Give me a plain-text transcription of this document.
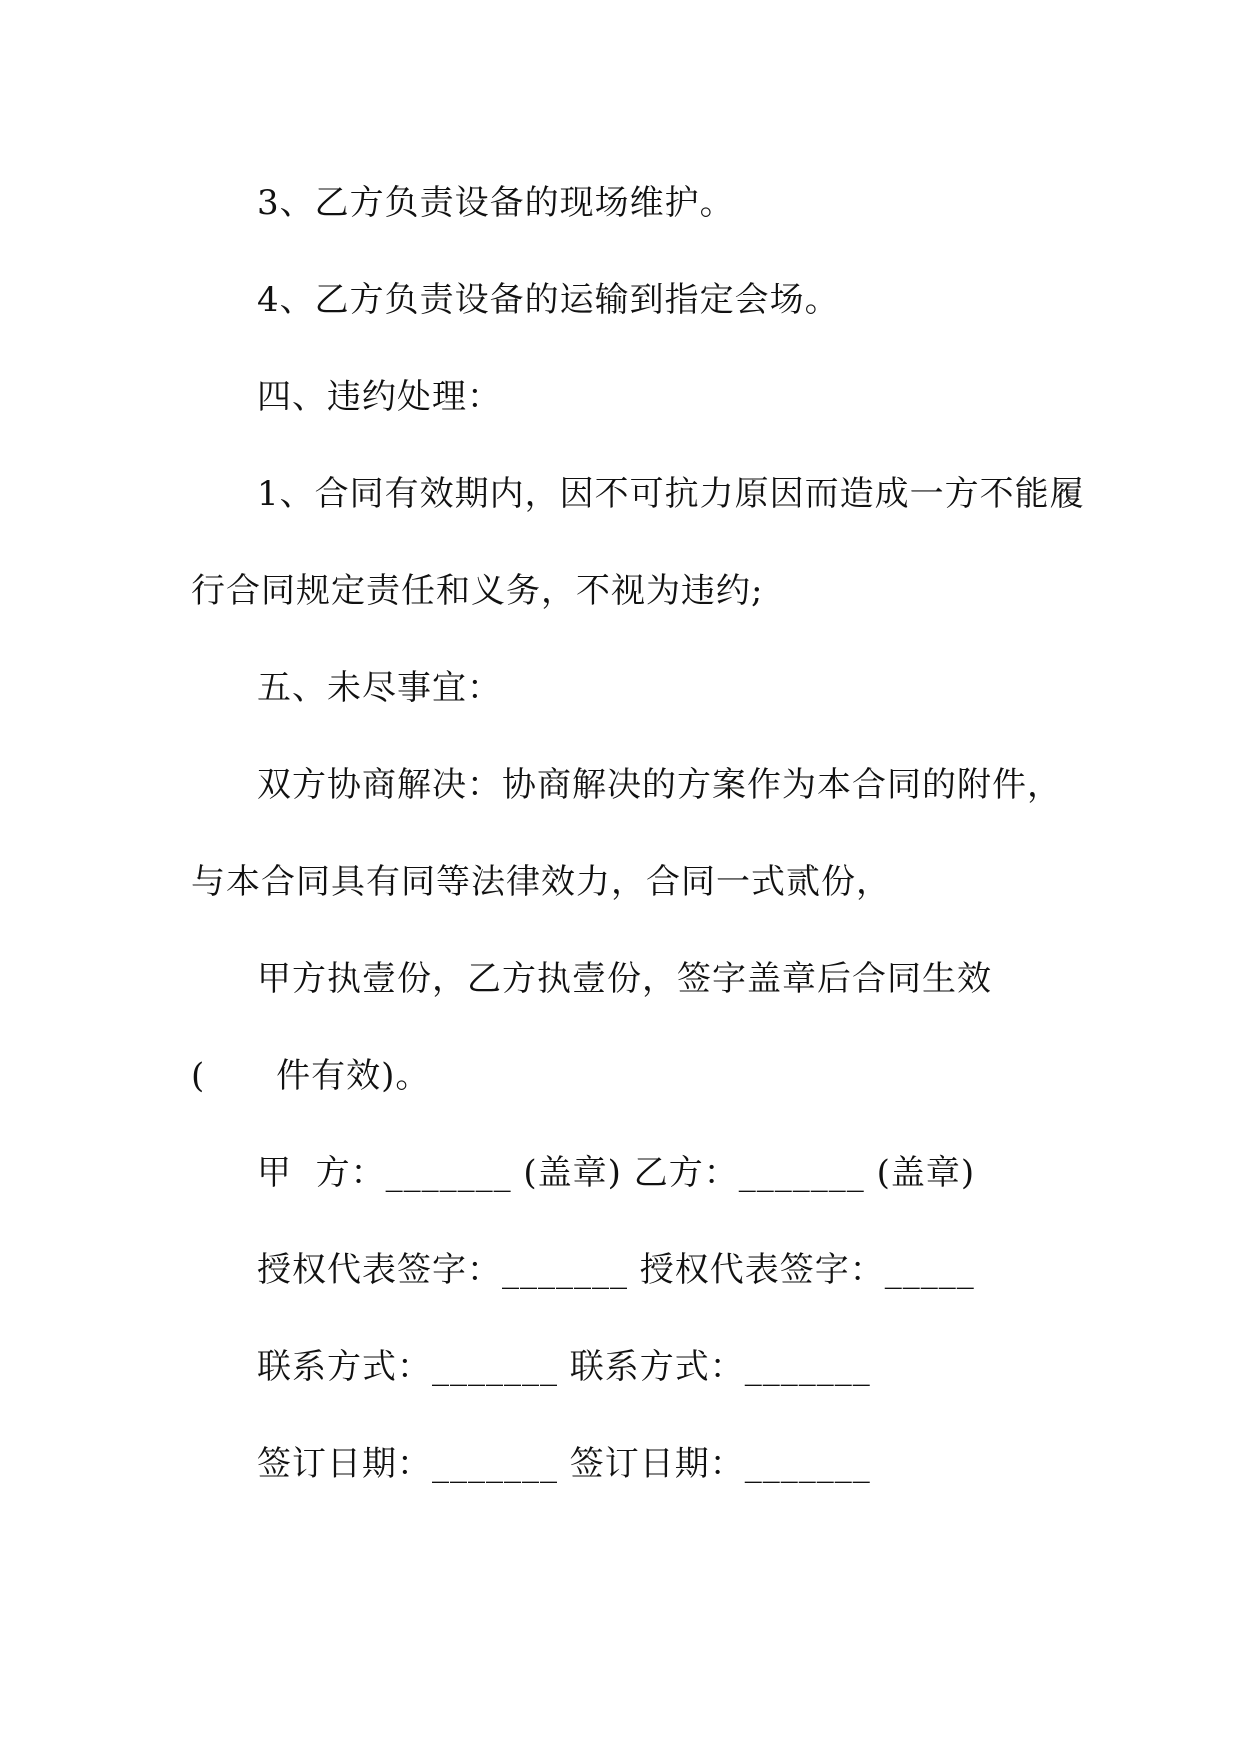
3、乙方负责设备的现场维护。
4、乙方负责设备的运输到指定会场。
四、违约处理：
1、合同有效期内，因不可抗力原因而造成一方不能履
行合同规定责任和义务，不视为违约;
五、未尽事宜：
双方协商解决：协商解决的方案作为本合同的附件，
与本合同具有同等法律效力，合同一式贰份，
甲方执壹份，乙方执壹份，签字盖章后合同生效
(      件有效)。
甲  方：_______ (盖章) 乙方：_______ (盖章)
授权代表签字：_______ 授权代表签字：_____
联系方式：_______ 联系方式：_______
签订日期：_______ 签订日期：_______
